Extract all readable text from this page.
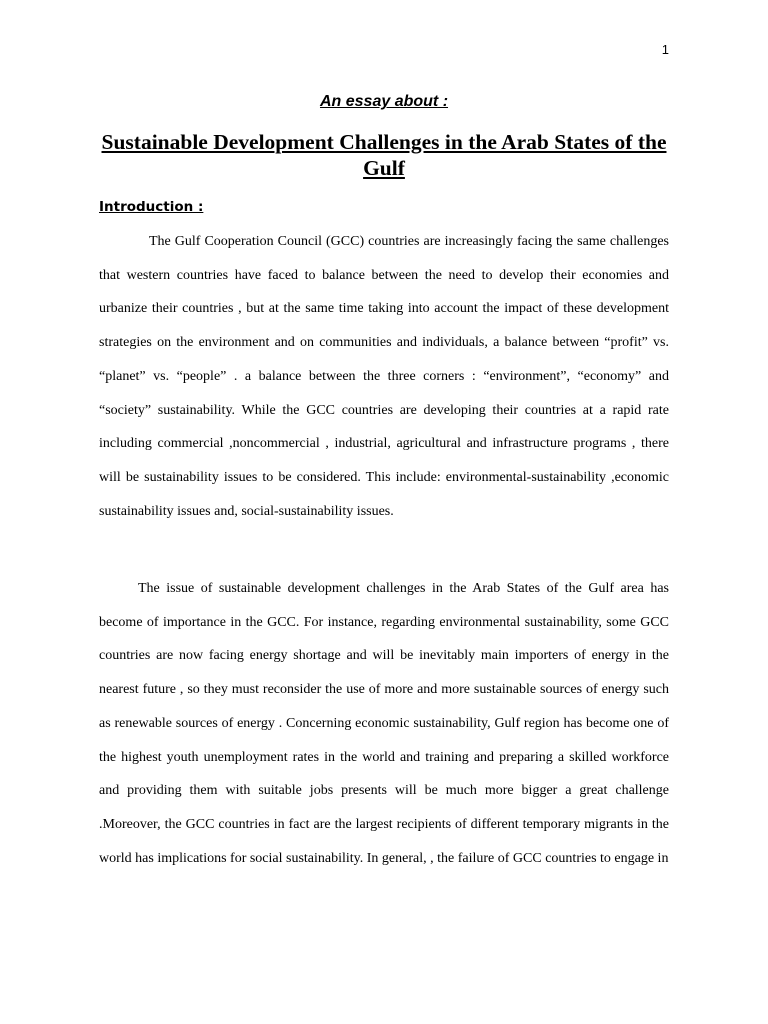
1
An essay about :
Sustainable Development Challenges in the Arab States of the Gulf
Introduction :

The Gulf Cooperation Council (GCC) countries are increasingly facing the same challenges that western countries have faced to balance between the need to develop their economies and urbanize their countries , but at the same time taking into account the impact of these development strategies on the environment and on communities and individuals, a balance between “profit” vs. “planet” vs. “people” . a balance between the three corners : “environment”, “economy” and “society” sustainability. While the GCC countries are developing their countries at a rapid rate including commercial ,noncommercial , industrial, agricultural and infrastructure programs , there will be sustainability issues to be considered. This include: environmental-sustainability ,economic sustainability issues and, social-sustainability issues.

The issue of sustainable development challenges in the Arab States of the Gulf area has become of importance in the GCC. For instance, regarding environmental sustainability, some GCC countries are now facing energy shortage and will be inevitably main importers of energy in the nearest future , so they must reconsider the use of more and more sustainable sources of energy such as renewable sources of energy . Concerning economic sustainability, Gulf region has become one of the highest youth unemployment rates in the world and training and preparing a skilled workforce and providing them with suitable jobs presents will be much more bigger a great challenge .Moreover, the GCC countries in fact are the largest recipients of different temporary migrants in the world has implications for social sustainability. In general, , the failure of GCC countries to engage in
